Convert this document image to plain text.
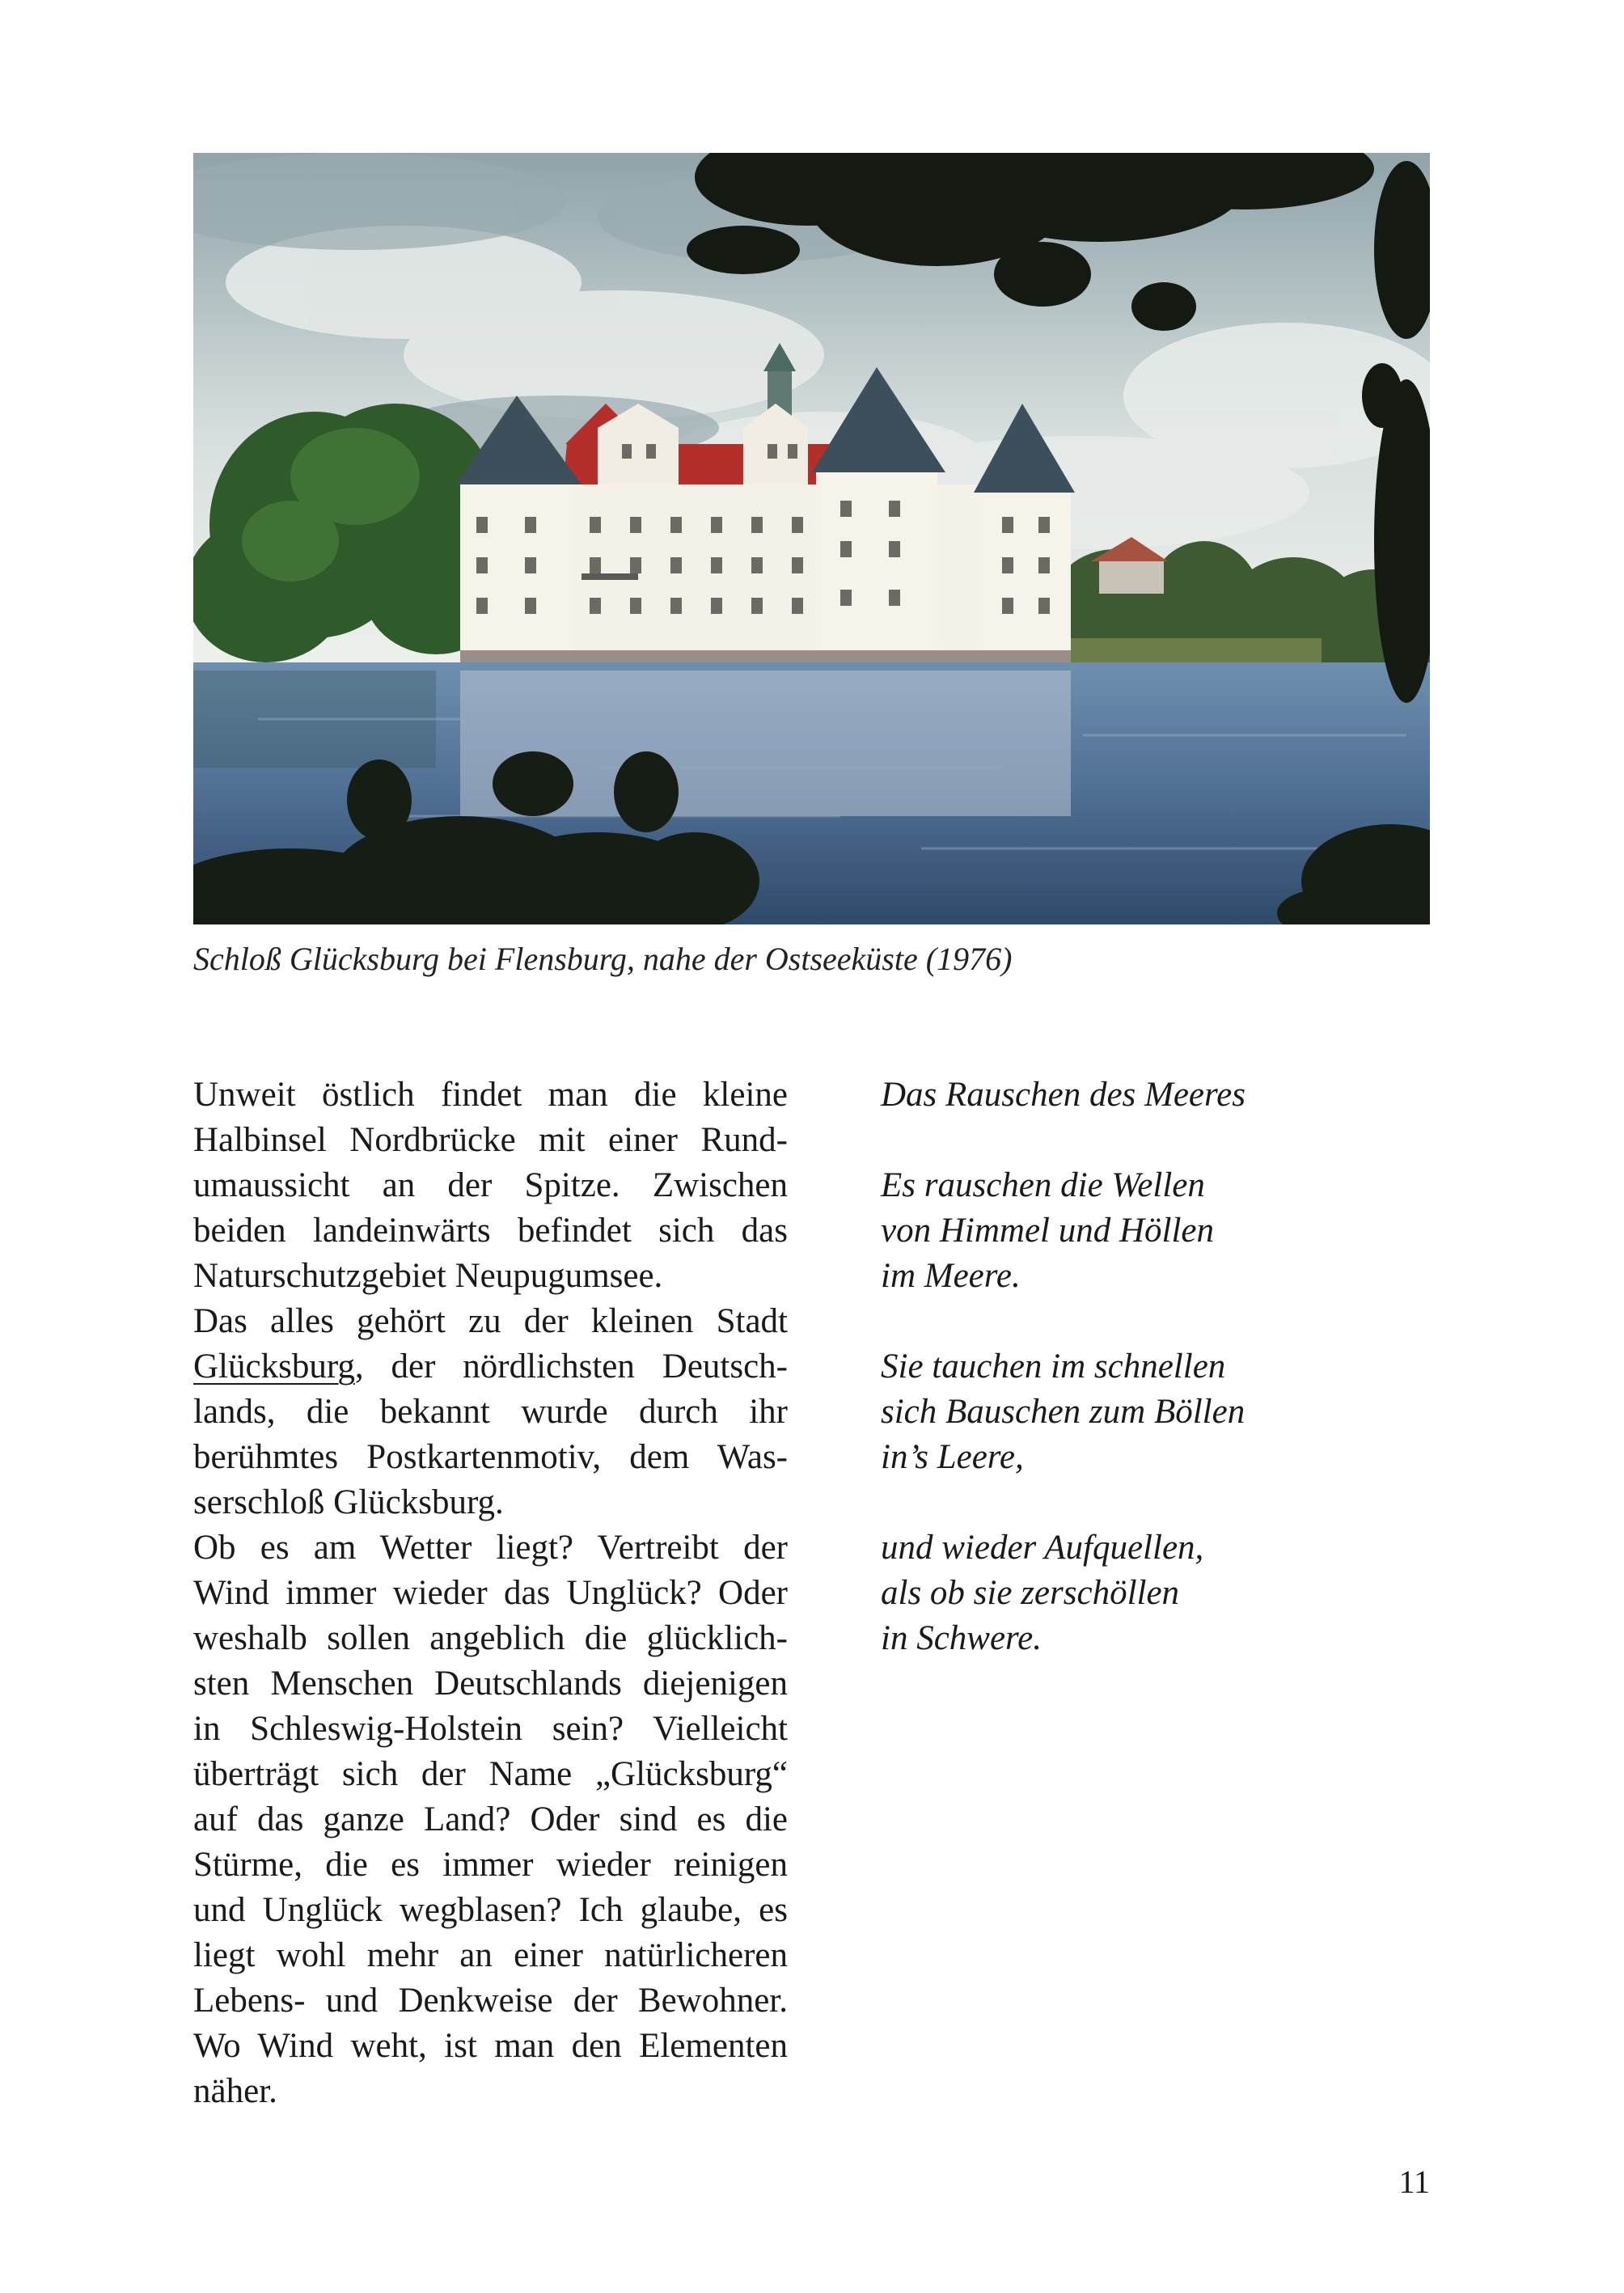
Schloß Glücksburg bei Flensburg, nahe der Ostseeküste (1976)
Unweit östlich findet man die kleine
Halbinsel Nordbrücke mit einer Rund-
umaussicht an der Spitze. Zwischen
beiden landeinwärts befindet sich das
Naturschutzgebiet Neupugumsee.
Das alles gehört zu der kleinen Stadt
Glücksburg, der nördlichsten Deutsch-
lands, die bekannt wurde durch ihr
berühmtes Postkartenmotiv, dem Was-
serschloß Glücksburg.
Ob es am Wetter liegt? Vertreibt der
Wind immer wieder das Unglück? Oder
weshalb sollen angeblich die glücklich-
sten Menschen Deutschlands diejenigen
in Schleswig-Holstein sein? Vielleicht
überträgt sich der Name „Glücksburg“
auf das ganze Land? Oder sind es die
Stürme, die es immer wieder reinigen
und Unglück wegblasen? Ich glaube, es
liegt wohl mehr an einer natürlicheren
Lebens- und Denkweise der Bewohner.
Wo Wind weht, ist man den Elementen
näher.
Das Rauschen des Meeres
Es rauschen die Wellen
von Himmel und Höllen
im Meere.
Sie tauchen im schnellen
sich Bauschen zum Böllen
in’s Leere,
und wieder Aufquellen,
als ob sie zerschöllen
in Schwere.
11
